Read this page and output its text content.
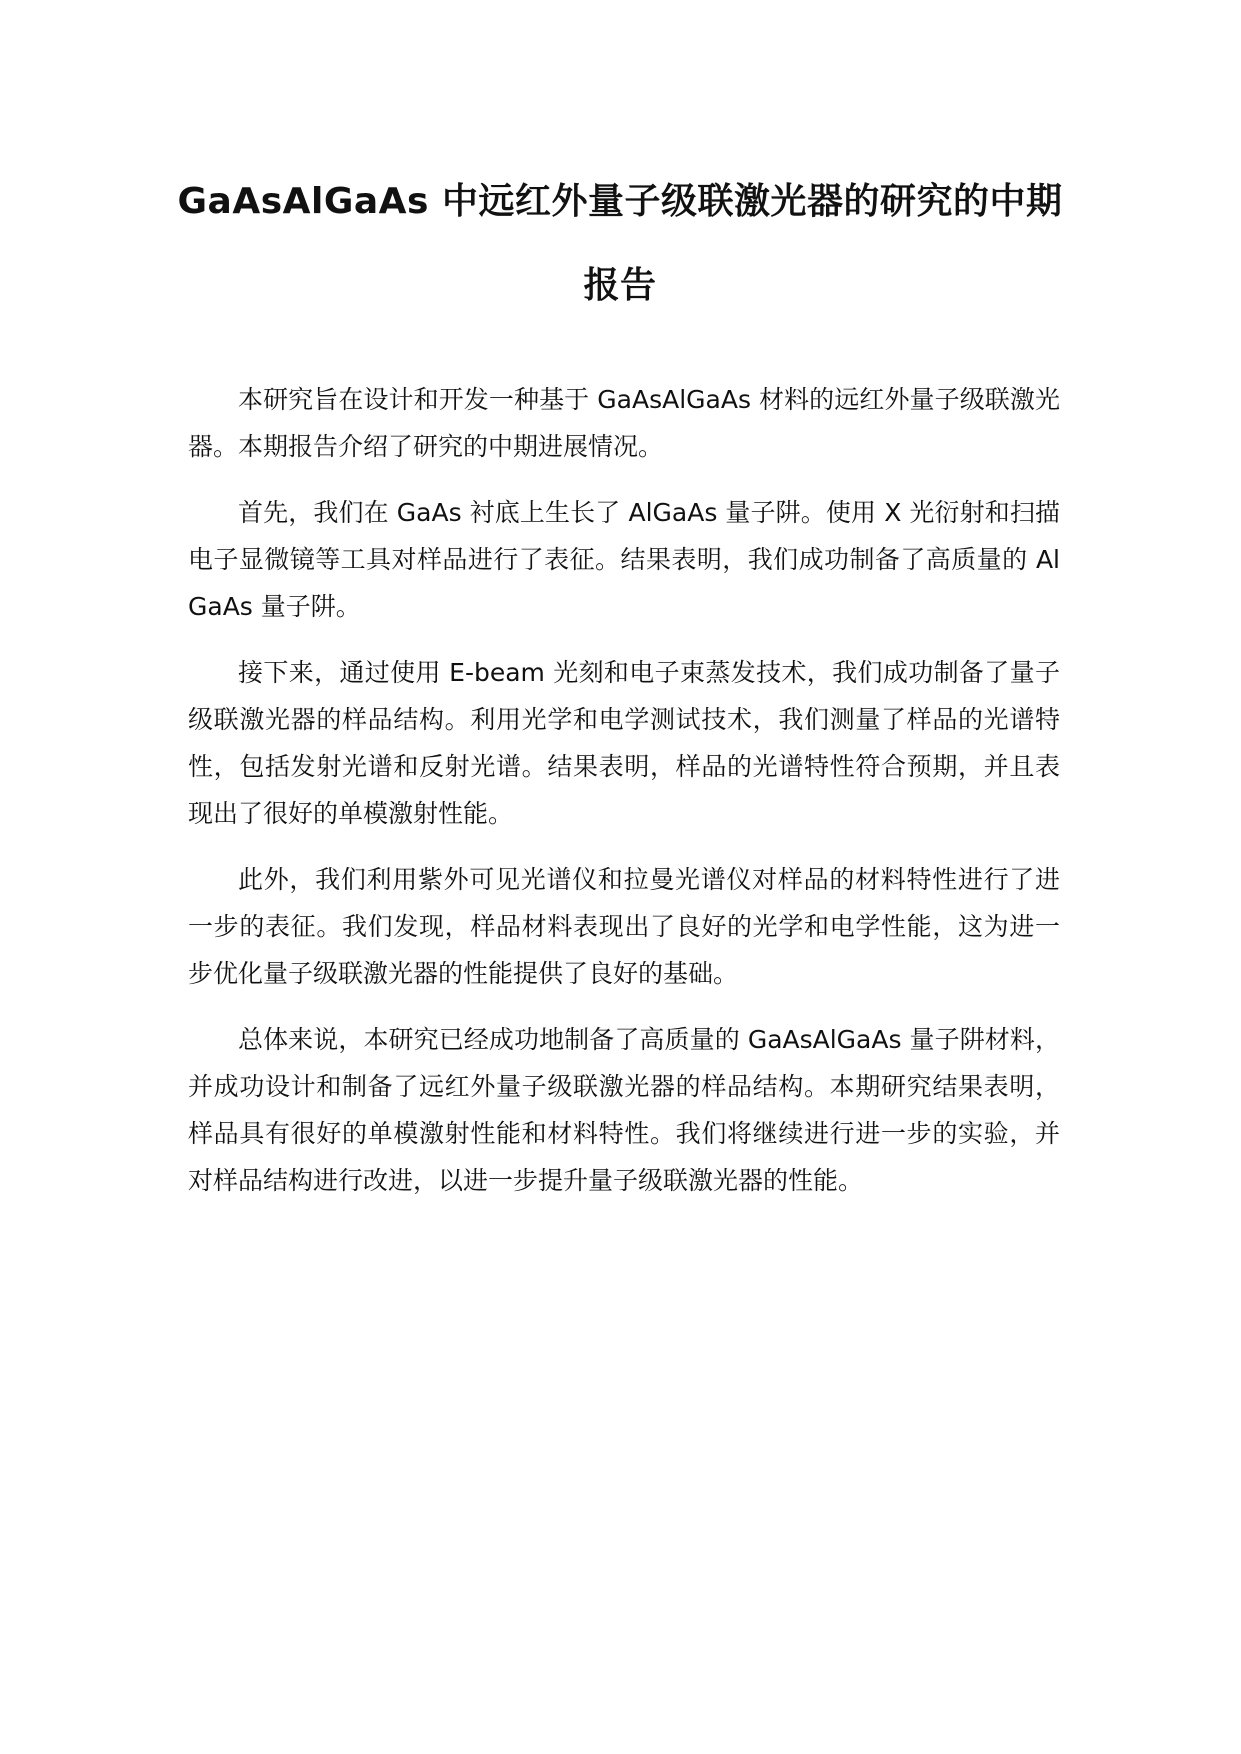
GaAsAlGaAs 中远红外量子级联激光器的研究的中期报告

本研究旨在设计和开发一种基于 GaAsAlGaAs 材料的远红外量子级联激光器。本期报告介绍了研究的中期进展情况。

首先，我们在 GaAs 衬底上生长了 AlGaAs 量子阱。使用 X 光衍射和扫描电子显微镜等工具对样品进行了表征。结果表明，我们成功制备了高质量的 AlGaAs 量子阱。

接下来，通过使用 E-beam 光刻和电子束蒸发技术，我们成功制备了量子级联激光器的样品结构。利用光学和电学测试技术，我们测量了样品的光谱特性，包括发射光谱和反射光谱。结果表明，样品的光谱特性符合预期，并且表现出了很好的单模激射性能。

此外，我们利用紫外可见光谱仪和拉曼光谱仪对样品的材料特性进行了进一步的表征。我们发现，样品材料表现出了良好的光学和电学性能，这为进一步优化量子级联激光器的性能提供了良好的基础。

总体来说，本研究已经成功地制备了高质量的 GaAsAlGaAs 量子阱材料，并成功设计和制备了远红外量子级联激光器的样品结构。本期研究结果表明，样品具有很好的单模激射性能和材料特性。我们将继续进行进一步的实验，并对样品结构进行改进，以进一步提升量子级联激光器的性能。
